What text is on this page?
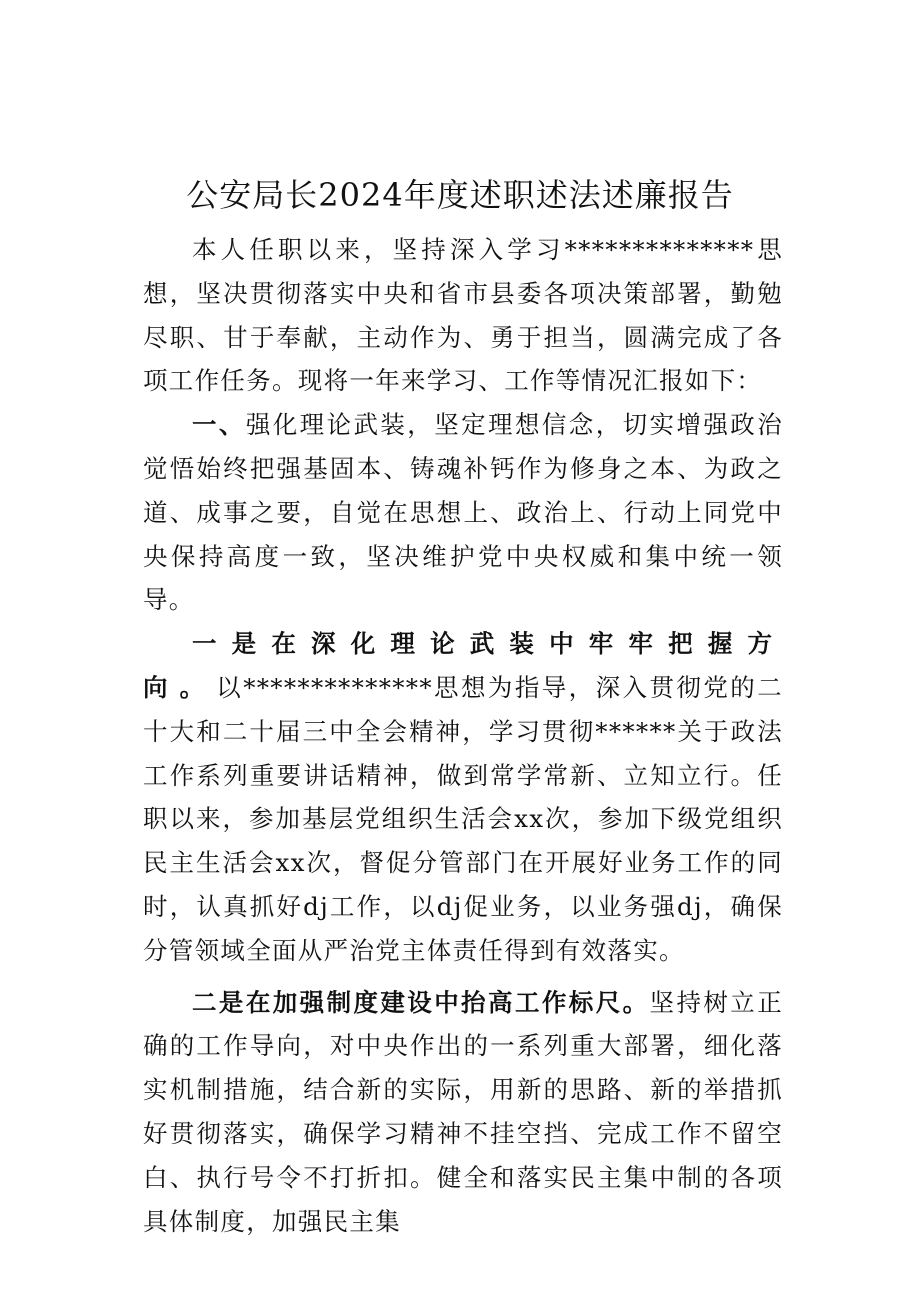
公安局长2024年度述职述法述廉报告

本人任职以来，坚持深入学习**************思想，坚决贯彻落实中央和省市县委各项决策部署，勤勉尽职、甘于奉献，主动作为、勇于担当，圆满完成了各项工作任务。现将一年来学习、工作等情况汇报如下：

一、强化理论武装，坚定理想信念，切实增强政治觉悟始终把强基固本、铸魂补钙作为修身之本、为政之道、成事之要，自觉在思想上、政治上、行动上同党中央保持高度一致，坚决维护党中央权威和集中统一领导。

一是在深化理论武装中牢牢把握方向。以**************思想为指导，深入贯彻党的二十大和二十届三中全会精神，学习贯彻******关于政法工作系列重要讲话精神，做到常学常新、立知立行。任职以来，参加基层党组织生活会xx次，参加下级党组织民主生活会xx次，督促分管部门在开展好业务工作的同时，认真抓好dj工作，以dj促业务，以业务强dj，确保分管领域全面从严治党主体责任得到有效落实。

二是在加强制度建设中抬高工作标尺。坚持树立正确的工作导向，对中央作出的一系列重大部署，细化落实机制措施，结合新的实际，用新的思路、新的举措抓好贯彻落实，确保学习精神不挂空挡、完成工作不留空白、执行号令不打折扣。健全和落实民主集中制的各项具体制度，加强民主集
